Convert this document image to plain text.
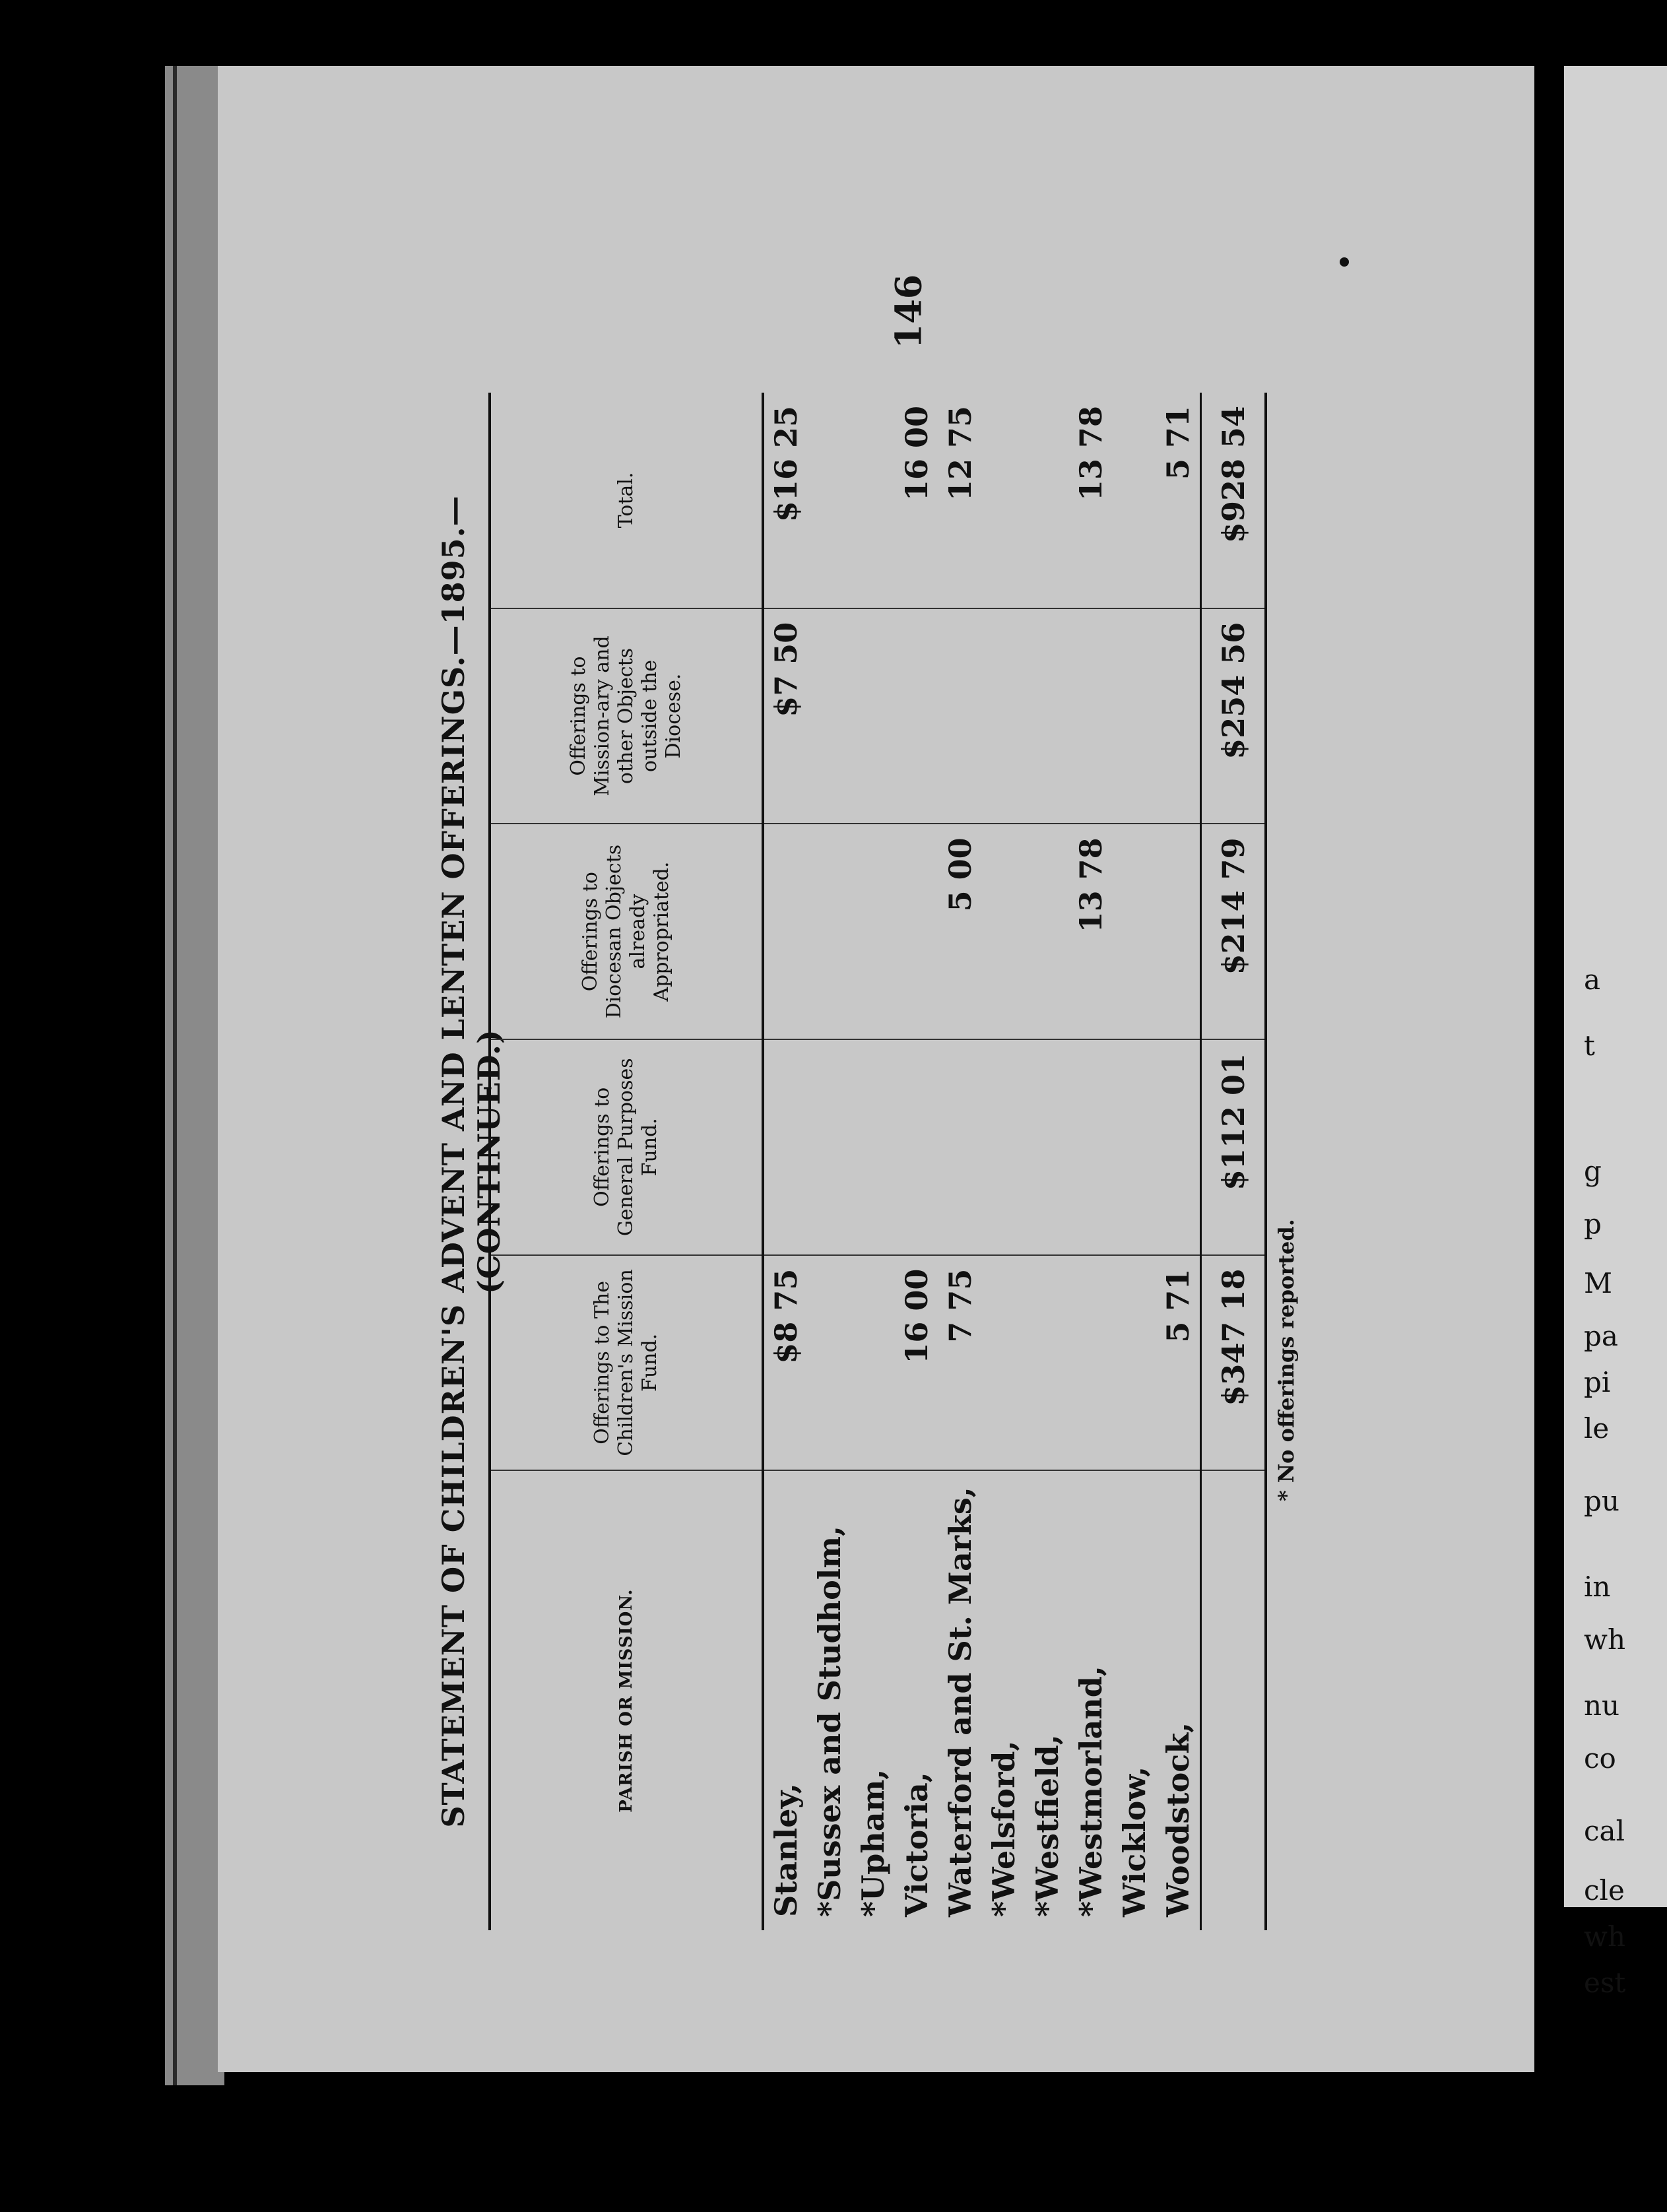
STATEMENT OF CHILDREN'S ADVENT AND LENTEN OFFERINGS.—1895.—(CONTINUED.)
PARISH OR MISSION.	Offerings to The Children's Mission Fund.	Offerings to General Purposes Fund.	Offerings to Diocesan Objects already Appropriated.	Offerings to Mission-ary and other Objects outside the Diocese.	Total.
Stanley,	$8 75			$7 50	$16 25
*Sussex and Studholm,					
*Upham,					
Victoria,	16 00				16 00
Waterford and St. Marks,	7 75		5 00		12 75
*Welsford,					
*Westfield,					
*Westmorland,			13 78		13 78
Wicklow,					
Woodstock,	5 71				5 71
	$347 18	$112 01	$214 79	$254 56	$928 54
* No offerings reported.
146
a
t
g
p
M
pa
pi
le
pu
in
wh
nu
co
cal
cle
wh
est
